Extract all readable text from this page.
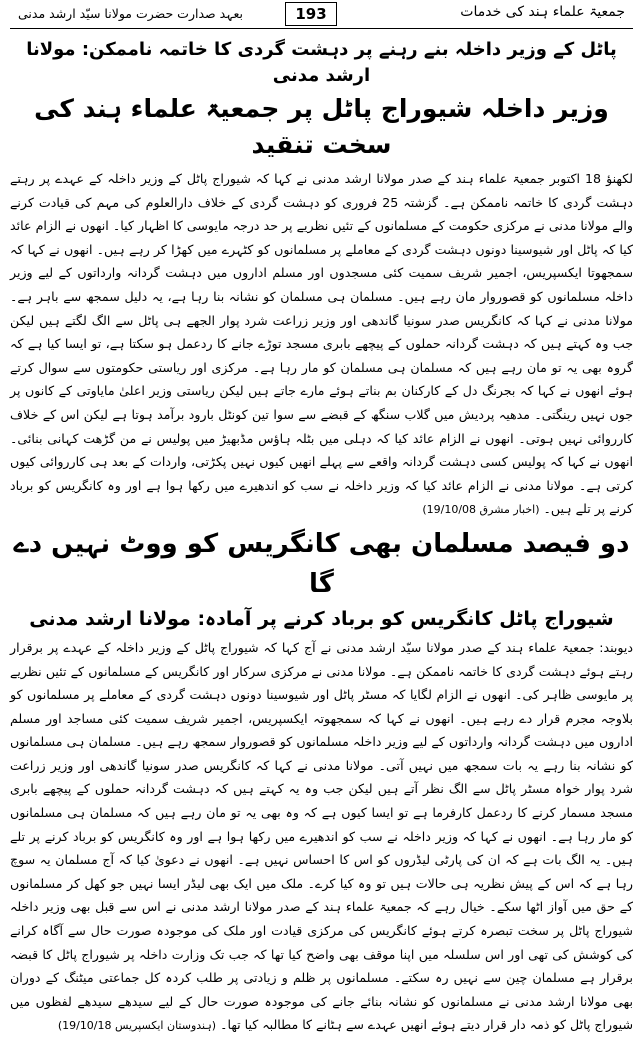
بعہد صدارت حضرت مولانا سیّد ارشد مدنی	193	جمعیۃ علماء ہند کی خدمات
پاٹل کے وزیر داخلہ بنے رہنے پر دہشت گردی کا خاتمہ ناممکن: مولانا ارشد مدنی
وزیر داخلہ شیوراج پاٹل پر جمعیۃ علماء ہند کی سخت تنقید

لکھنؤ 18 اکتوبر جمعیۃ علماء ہند کے صدر مولانا ارشد مدنی نے کہا کہ شیوراج پاٹل کے وزیر داخلہ کے عہدے پر رہتے دہشت گردی کا خاتمہ ناممکن ہے۔ گزشتہ 25 فروری کو دہشت گردی کے خلاف دارالعلوم کی مہم کی قیادت کرنے والے مولانا مدنی نے مرکزی حکومت کے مسلمانوں کے تئیں نظریے پر حد درجہ مایوسی کا اظہار کیا۔ انھوں نے الزام عائد کیا کہ پاٹل اور شیوسینا دونوں دہشت گردی کے معاملے پر مسلمانوں کو کٹہرے میں کھڑا کر رہے ہیں۔ انھوں نے کہا کہ سمجھوتا ایکسپریس، اجمیر شریف سمیت کئی مسجدوں اور مسلم اداروں میں دہشت گردانہ وارداتوں کے لیے وزیر داخلہ مسلمانوں کو قصوروار مان رہے ہیں۔ مسلمان ہی مسلمان کو نشانہ بنا رہا ہے، یہ دلیل سمجھ سے باہر ہے۔ مولانا مدنی نے کہا کہ کانگریس صدر سونیا گاندھی اور وزیر زراعت شرد پوار الجھے ہی پاٹل سے الگ لگتے ہیں لیکن جب وہ کہتے ہیں کہ دہشت گردانہ حملوں کے پیچھے بابری مسجد توڑے جانے کا ردعمل ہو سکتا ہے، تو ایسا کیا ہے کہ گروہ بھی یہ تو مان رہے ہیں کہ مسلمان ہی مسلمان کو مار رہا ہے۔ مرکزی اور ریاستی حکومتوں سے سوال کرتے ہوئے انھوں نے کہا کہ بجرنگ دل کے کارکنان بم بناتے ہوئے مارے جاتے ہیں لیکن ریاستی وزیر اعلیٰ مایاوتی کے کانوں پر جوں نہیں رینگتی۔ مدھیہ پردیش میں گلاب سنگھ کے قبضے سے سوا تین کونٹل بارود برآمد ہوتا ہے لیکن اس کے خلاف کارروائی نہیں ہوتی۔ انھوں نے الزام عائد کیا کہ دہلی میں بٹلہ ہاؤس مڈبھیڑ میں پولیس نے من گڑھت کہانی بنائی۔ انھوں نے کہا کہ پولیس کسی دہشت گردانہ واقعے سے پہلے انھیں کیوں نہیں پکڑتی، واردات کے بعد ہی کارروائی کیوں کرتی ہے۔ مولانا مدنی نے الزام عائد کیا کہ وزیر داخلہ نے سب کو اندھیرے میں رکھا ہوا ہے اور وہ کانگریس کو برباد کرنے پر تلے ہیں۔ (اخبار مشرق 19/10/08)

دو فیصد مسلمان بھی کانگریس کو ووٹ نہیں دے گا
شیوراج پاٹل کانگریس کو برباد کرنے پر آمادہ: مولانا ارشد مدنی

دیوبند: جمعیۃ علماء ہند کے صدر مولانا سیّد ارشد مدنی نے آج کہا کہ شیوراج پاٹل کے وزیر داخلہ کے عہدے پر برقرار رہتے ہوئے دہشت گردی کا خاتمہ ناممکن ہے۔ مولانا مدنی نے مرکزی سرکار اور کانگریس کے مسلمانوں کے تئیں نظریے پر مایوسی ظاہر کی۔ انھوں نے الزام لگایا کہ مسٹر پاٹل اور شیوسینا دونوں دہشت گردی کے معاملے پر مسلمانوں کو بلاوجہ مجرم قرار دے رہے ہیں۔ انھوں نے کہا کہ سمجھوتہ ایکسپریس، اجمیر شریف سمیت کئی مساجد اور مسلم اداروں میں دہشت گردانہ وارداتوں کے لیے وزیر داخلہ مسلمانوں کو قصوروار سمجھ رہے ہیں۔ مسلمان ہی مسلمانوں کو نشانہ بنا رہے یہ بات سمجھ میں نہیں آتی۔ مولانا مدنی نے کہا کہ کانگریس صدر سونیا گاندھی اور وزیر زراعت شرد پوار خواہ مسٹر پاٹل سے الگ نظر آتے ہیں لیکن جب وہ یہ کہتے ہیں کہ دہشت گردانہ حملوں کے پیچھے بابری مسجد مسمار کرنے کا ردعمل کارفرما ہے تو ایسا کیوں ہے کہ وہ بھی یہ تو مان رہے ہیں کہ مسلمان ہی مسلمانوں کو مار رہا ہے۔ انھوں نے کہا کہ وزیر داخلہ نے سب کو اندھیرے میں رکھا ہوا ہے اور وہ کانگریس کو برباد کرنے پر تلے ہیں۔ یہ الگ بات ہے کہ ان کی پارٹی لیڈروں کو اس کا احساس نہیں ہے۔ انھوں نے دعویٰ کیا کہ آج مسلمان یہ سوچ رہا ہے کہ اس کے پیش نظریہ ہی حالات ہیں تو وہ کیا کرے۔ ملک میں ایک بھی لیڈر ایسا نہیں جو کھل کر مسلمانوں کے حق میں آواز اٹھا سکے۔ خیال رہے کہ جمعیۃ علماء ہند کے صدر مولانا ارشد مدنی نے اس سے قبل بھی وزیر داخلہ شیوراج پاٹل پر سخت تبصرہ کرتے ہوئے کانگریس کی مرکزی قیادت اور ملک کی موجودہ صورت حال سے آگاہ کرانے کی کوشش کی تھی اور اس سلسلہ میں اپنا موقف بھی واضح کیا تھا کہ جب تک وزارت داخلہ پر شیوراج پاٹل کا قبضہ برقرار ہے مسلمان چین سے نہیں رہ سکتے۔ مسلمانوں پر ظلم و زیادتی پر طلب کردہ کل جماعتی میٹنگ کے دوران بھی مولانا ارشد مدنی نے مسلمانوں کو نشانہ بنائے جانے کی موجودہ صورت حال کے لیے سیدھے سیدھے لفظوں میں شیوراج پاٹل کو ذمہ دار قرار دیتے ہوئے انھیں عہدے سے ہٹانے کا مطالبہ کیا تھا۔ (ہندوستان ایکسپریس 19/10/18)
